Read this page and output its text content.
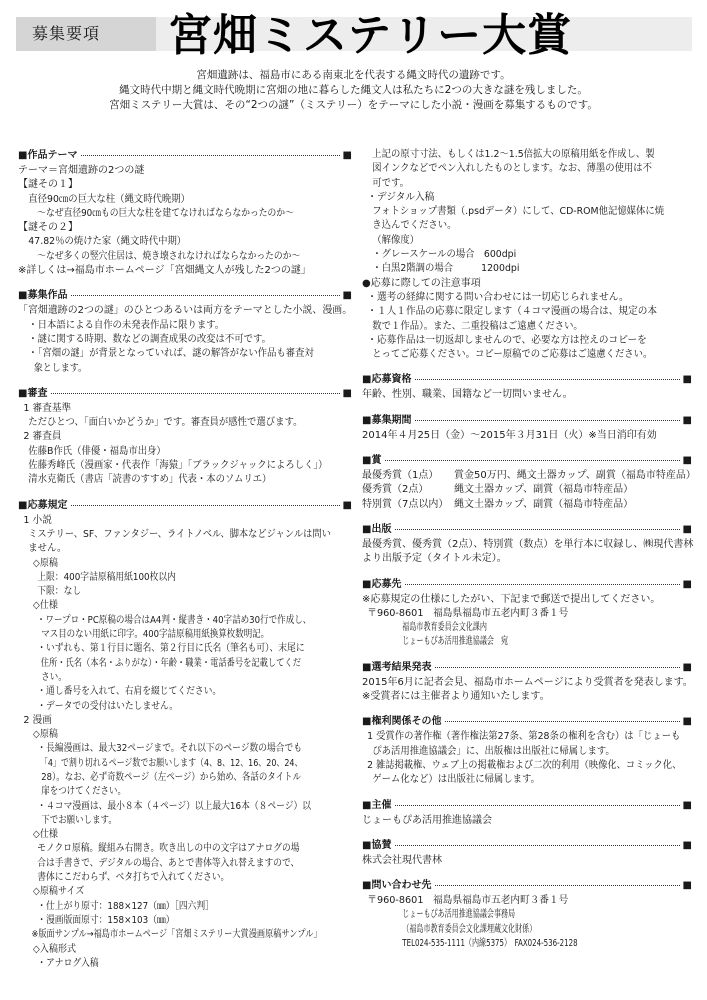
募集要項	宮畑ミステリー大賞
宮畑遺跡は、福島市にある南東北を代表する縄文時代の遺跡です。
縄文時代中期と縄文時代晩期に宮畑の地に暮らした縄文人は私たちに2つの大きな謎を残しました。
宮畑ミステリー大賞は、その“2つの謎”（ミステリー）をテーマにした小説・漫画を募集するものです。
■作品テーマ	■
テーマ＝宮畑遺跡の2つの謎
【謎その１】
直径90㎝の巨大な柱（縄文時代晩期）
～なぜ直径90㎝もの巨大な柱を建てなければならなかったのか～
【謎その２】
47.82％の焼けた家（縄文時代中期）
～なぜ多くの竪穴住居は、焼き壊されなければならなかったのか～
※詳しくは→福島市ホームページ「宮畑縄文人が残した2つの謎」
■募集作品	■
「宮畑遺跡の2つの謎」のひとつあるいは両方をテーマとした小説、漫画。
・日本語による自作の未発表作品に限ります。
・謎に関する時期、数などの調査成果の改変は不可です。
・「宮畑の謎」が背景となっていれば、謎の解答がない作品も審査対
象とします。
■審査	■
1 審査基準
ただひとつ、「面白いかどうか」です。審査員が感性で選びます。
2 審査員
佐藤B作氏（俳優・福島市出身）
佐藤秀峰氏（漫画家・代表作「海猿」「ブラックジャックによろしく」）
清水克衛氏（書店「読書のすすめ」代表・本のソムリエ）
■応募規定	■
1 小説
ミステリー、SF、ファンタジー、ライトノベル、脚本などジャンルは問い
ません。
◇原稿
上限：400字詰原稿用紙100枚以内
下限：なし
◇仕様
・ワープロ・PC原稿の場合はA4判・縦書き・40字詰め30行で作成し、
マス目のない用紙に印字。400字詰原稿用紙換算枚数明記。
・いずれも、第１行目に題名、第２行目に氏名（筆名も可）、末尾に
住所・氏名（本名・ふりがな）・年齢・職業・電話番号を記載してくだ
さい。
・通し番号を入れて、右肩を綴じてください。
・データでの受付はいたしません。
2 漫画
◇原稿
・長編漫画は、最大32ページまで。それ以下のページ数の場合でも
「4」で割り切れるページ数でお願いします（4、8、12、16、20、24、
28）。なお、必ず奇数ページ（左ページ）から始め、各話のタイトル
扉をつけてください。
・４コマ漫画は、最小８本（４ページ）以上最大16本（８ページ）以
下でお願いします。
◇仕様
モノクロ原稿。縦組み右開き。吹き出しの中の文字はアナログの場
合は手書きで、デジタルの場合、あとで書体等入れ替えますので、
書体にこだわらず、ベタ打ちで入れてください。
◇原稿サイズ
・仕上がり原寸：188×127（㎜）［四六判］
・漫画版面原寸：158×103（㎜）
※版面サンプル→福島市ホームページ「宮畑ミステリー大賞漫画原稿サンプル」
◇入稿形式
・アナログ入稿
上記の原寸寸法、もしくは1.2～1.5倍拡大の原稿用紙を作成し、製
図インクなどでペン入れしたものとします。なお、薄墨の使用は不
可です。
・デジタル入稿
フォトショップ書類（.psdデータ）にして、CD-ROM他記憶媒体に焼
き込んでください。
（解像度）
・グレースケールの場合　600dpi
・白黒2階調の場合　　　1200dpi
●応募に際しての注意事項
・選考の経緯に関する問い合わせには一切応じられません。
・１人１作品の応募に限定します（４コマ漫画の場合は、規定の本
数で１作品）。また、二重投稿はご遠慮ください。
・応募作品は一切返却しませんので、必要な方は控えのコピーを
とってご応募ください。コピー原稿でのご応募はご遠慮ください。
■応募資格	■
年齢、性別、職業、国籍など一切問いません。
■募集期間	■
2014年４月25日（金）～2015年３月31日（火）※当日消印有効
■賞	■
最優秀賞（1点）	賞金50万円、縄文土器カップ、副賞（福島市特産品）
優秀賞（2点）	縄文土器カップ、副賞（福島市特産品）
特別賞（7点以内） 縄文土器カップ、副賞（福島市特産品）
■出版	■
最優秀賞、優秀賞（2点）、特別賞（数点）を単行本に収録し、㈱現代書林
より出版予定（タイトル未定）。
■応募先	■
※応募規定の仕様にしたがい、下記まで郵送で提出してください。
〒960-8601　福島県福島市五老内町３番１号
福島市教育委員会文化課内
じょーもぴあ活用推進協議会　宛
■選考結果発表	■
2015年6月に記者会見、福島市ホームページにより受賞者を発表します。
※受賞者には主催者より通知いたします。
■権利関係その他	■
1 受賞作の著作権（著作権法第27条、第28条の権利を含む）は「じょーも
ぴあ活用推進協議会」に、出版権は出版社に帰属します。
2 雑誌掲載権、ウェブ上の掲載権および二次的利用（映像化、コミック化、
ゲーム化など）は出版社に帰属します。
■主催	■
じょーもぴあ活用推進協議会
■協賛	■
株式会社現代書林
■問い合わせ先	■
〒960-8601　福島県福島市五老内町３番１号
じょーもぴあ活用推進協議会事務局
（福島市教育委員会文化課埋蔵文化財係）
TEL024-535-1111（内線5375）　FAX024-536-2128
